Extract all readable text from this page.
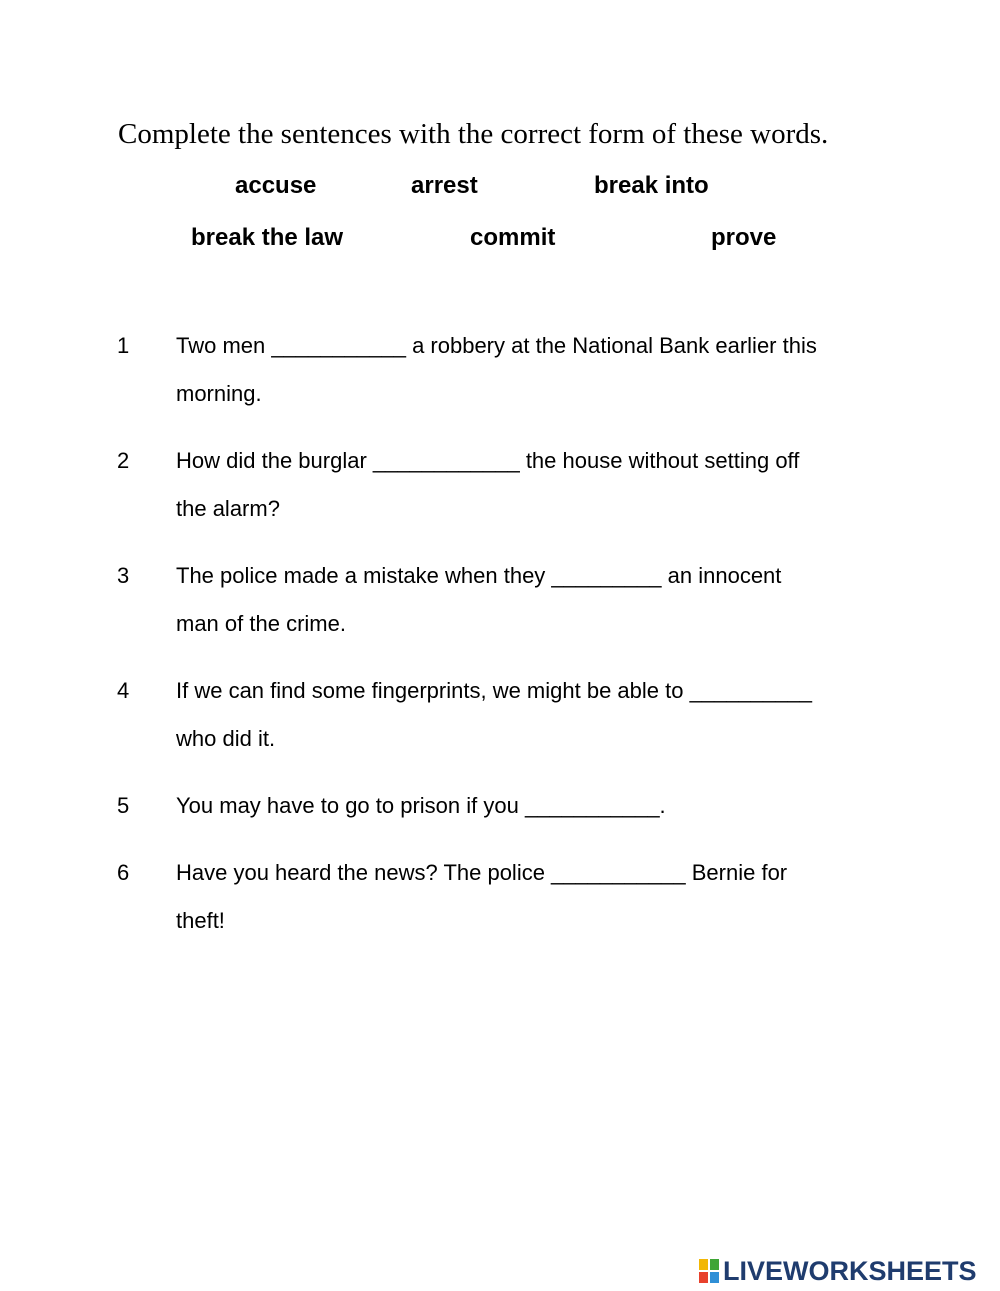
Complete the sentences with the correct form of these words.
accuse	arrest	break into
break the law	commit	prove
1 Two men ___________ a robbery at the National Bank earlier this
morning.
2 How did the burglar ____________ the house without setting off
the alarm?
3 The police made a mistake when they _________ an innocent
man of the crime.
4 If we can find some fingerprints, we might be able to __________
who did it.
5 You may have to go to prison if you ___________.
6 Have you heard the news? The police ___________ Bernie for
theft!
LIVEWORKSHEETS
